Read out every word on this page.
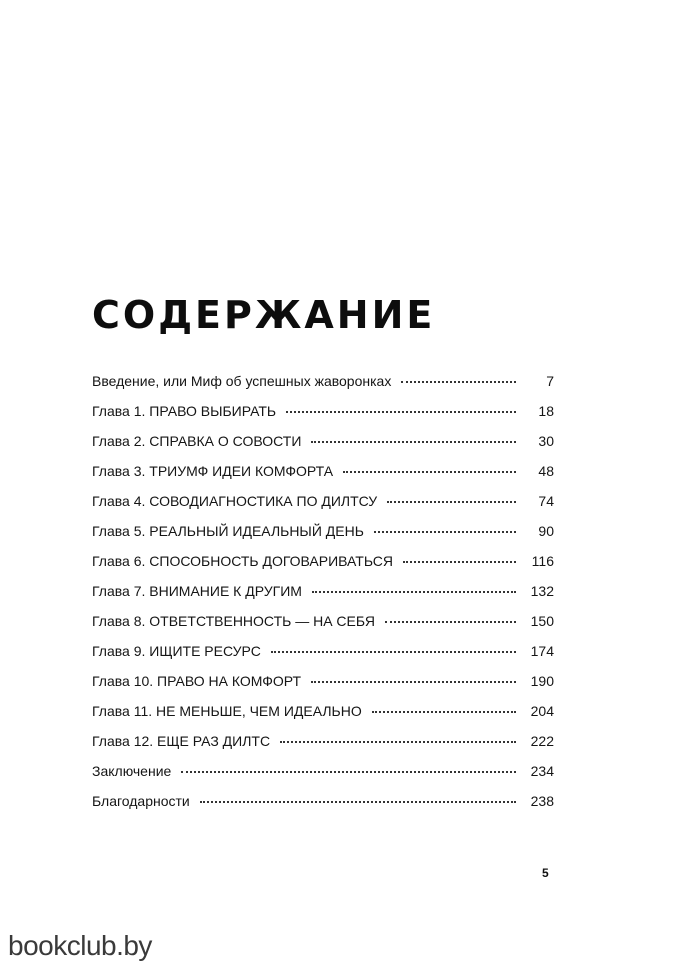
СОДЕРЖАНИЕ
Введение, или Миф об успешных жаворонках	7
Глава 1. ПРАВО ВЫБИРАТЬ	18
Глава 2. СПРАВКА О СОВОСТИ	30
Глава 3. ТРИУМФ ИДЕИ КОМФОРТА	48
Глава 4. СОВОДИАГНОСТИКА ПО ДИЛТСУ	74
Глава 5. РЕАЛЬНЫЙ ИДЕАЛЬНЫЙ ДЕНЬ	90
Глава 6. СПОСОБНОСТЬ ДОГОВАРИВАТЬСЯ	116
Глава 7. ВНИМАНИЕ К ДРУГИМ	132
Глава 8. ОТВЕТСТВЕННОСТЬ — НА СЕБЯ	150
Глава 9. ИЩИТЕ РЕСУРС	174
Глава 10. ПРАВО НА КОМФОРТ	190
Глава 11. НЕ МЕНЬШЕ, ЧЕМ ИДЕАЛЬНО	204
Глава 12. ЕЩЕ РАЗ ДИЛТС	222
Заключение	234
Благодарности	238
5
bookclub.by
